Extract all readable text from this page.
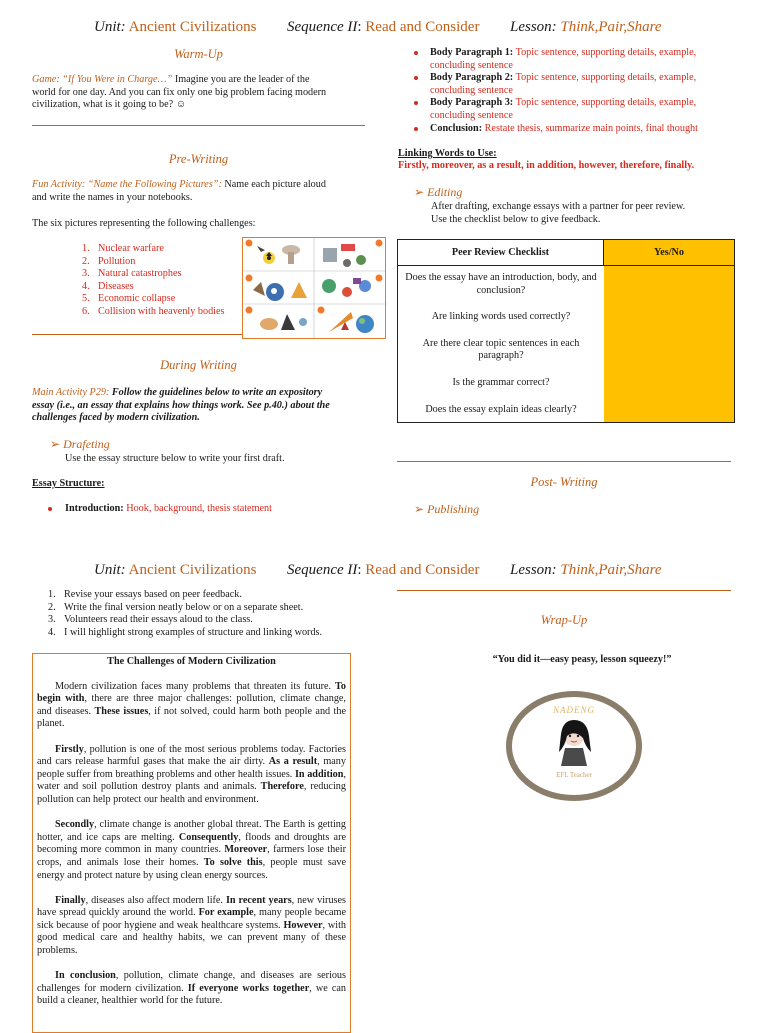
Unit: Ancient Civilizations Sequence II: Read and Consider Lesson: Think,Pair,Share
Warm-Up
Game: “If You Were in Charge…” Imagine you are the leader of the
world for one day. And you can fix only one big problem facing modern
civilization, what is it going to be? ☺
Pre-Writing
Fun Activity: “Name the Following Pictures”: Name each picture aloud
and write the names in your notebooks.
The six pictures representing the following challenges:
1. Nuclear warfare
2. Pollution
3. Natural catastrophes
4. Diseases
5. Economic collapse
6. Collision with heavenly bodies
During Writing
Main Activity P29: Follow the guidelines below to write an expository
essay (i.e., an essay that explains how things work. See p.40.) about the
challenges faced by modern civilization.
➢ Drafeting
Use the essay structure below to write your first draft.
Essay Structure:
Introduction: Hook, background, thesis statement
Body Paragraph 1: Topic sentence, supporting details, example,
concluding sentence
Body Paragraph 2: Topic sentence, supporting details, example,
concluding sentence
Body Paragraph 3: Topic sentence, supporting details, example,
concluding sentence
Conclusion: Restate thesis, summarize main points, final thought
Linking Words to Use:
Firstly, moreover, as a result, in addition, however, therefore, finally.
➢ Editing
After drafting, exchange essays with a partner for peer review.
Use the checklist below to give feedback.
Peer Review Checklist	Yes/No
Does the essay have an introduction, body, and
conclusion?
Are linking words used correctly?
Are there clear topic sentences in each
paragraph?
Is the grammar correct?
Does the essay explain ideas clearly?
Post- Writing
➢ Publishing
Unit: Ancient Civilizations Sequence II: Read and Consider Lesson: Think,Pair,Share
1. Revise your essays based on peer feedback.
2. Write the final version neatly below or on a separate sheet.
3. Volunteers read their essays aloud to the class.
4. I will highlight strong examples of structure and linking words.
The Challenges of Modern Civilization

Modern civilization faces many problems that threaten its future. To begin with, there are three major challenges: pollution, climate change, and diseases. These issues, if not solved, could harm both people and the planet.

Firstly, pollution is one of the most serious problems today. Factories and cars release harmful gases that make the air dirty. As a result, many people suffer from breathing problems and other health issues. In addition, water and soil pollution destroy plants and animals. Therefore, reducing pollution can help protect our health and environment.

Secondly, climate change is another global threat. The Earth is getting hotter, and ice caps are melting. Consequently, floods and droughts are becoming more common in many countries. Moreover, farmers lose their crops, and animals lose their homes. To solve this, people must save energy and protect nature by using clean energy sources.

Finally, diseases also affect modern life. In recent years, new viruses have spread quickly around the world. For example, many people became sick because of poor hygiene and weak healthcare systems. However, with good medical care and healthy habits, we can prevent many of these problems.

In conclusion, pollution, climate change, and diseases are serious challenges for modern civilization. If everyone works together, we can build a cleaner, healthier world for the future.

Wrap-Up
“You did it—easy peasy, lesson squeezy!”
NADENG
EFL Teacher
